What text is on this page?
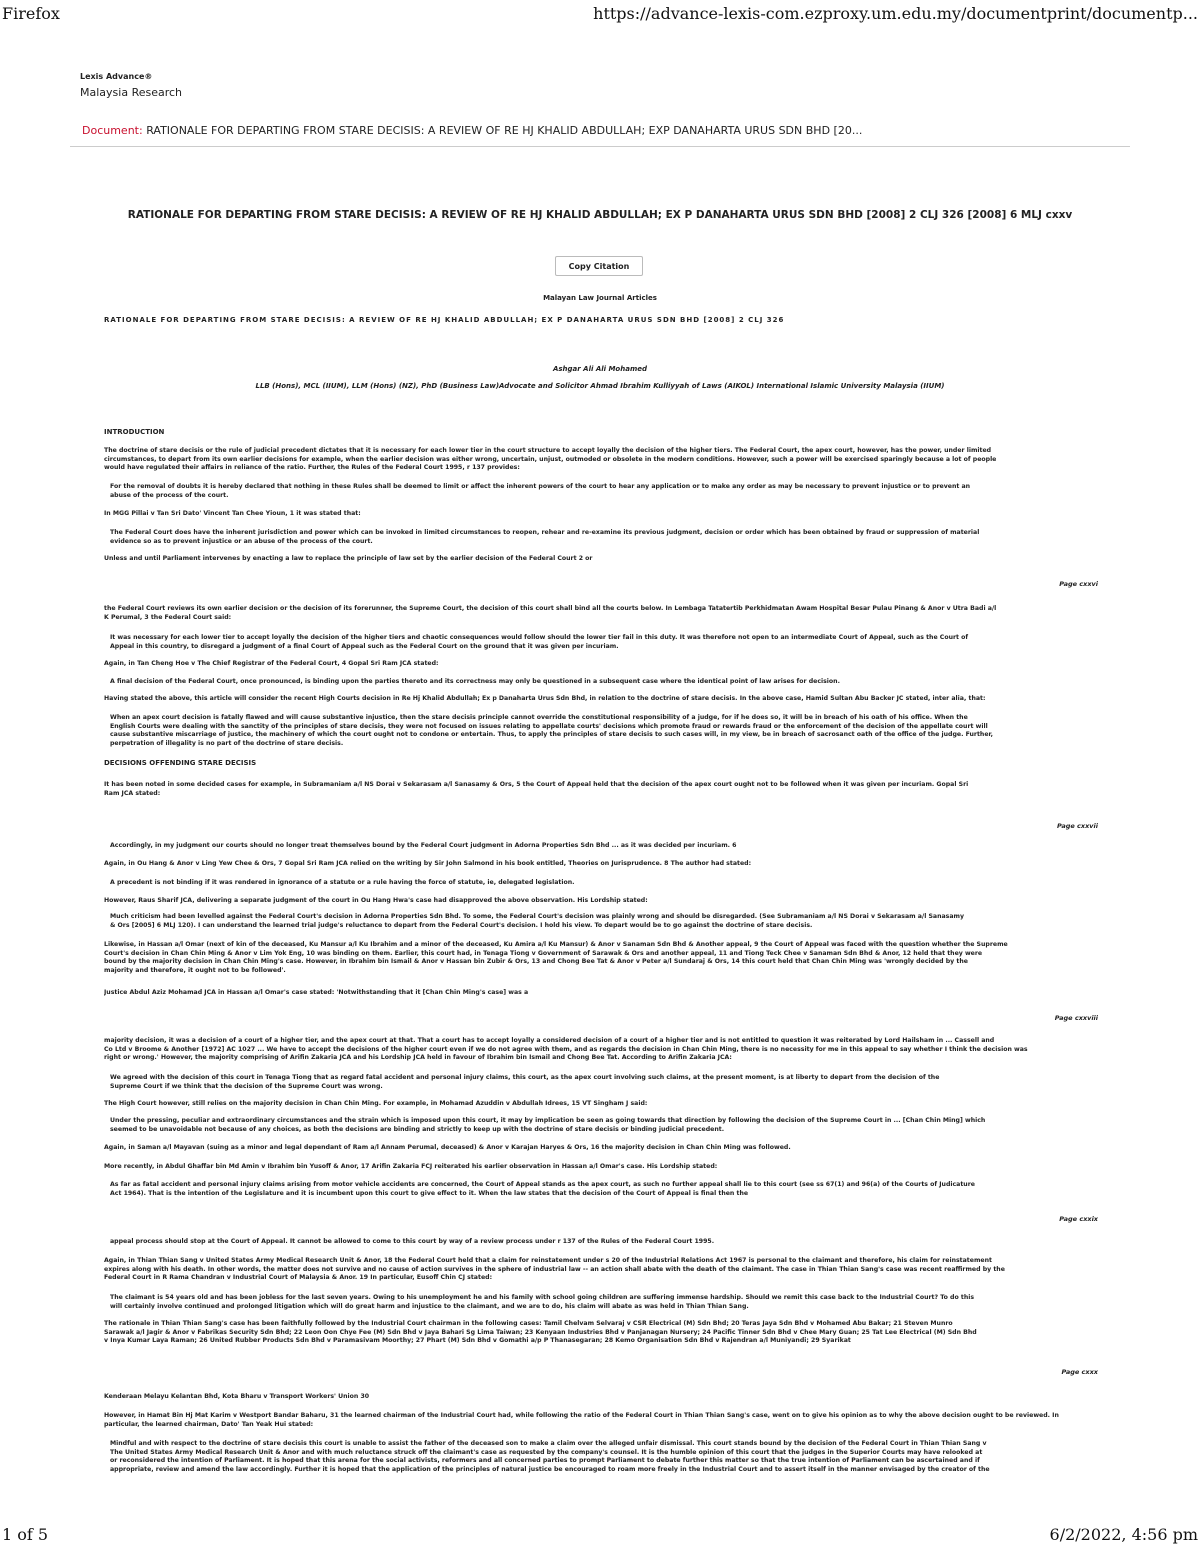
Firefox	https://advance-lexis-com.ezproxy.um.edu.my/documentprint/documentp...
Lexis Advance®
Malaysia Research
Document: RATIONALE FOR DEPARTING FROM STARE DECISIS: A REVIEW OF RE HJ KHALID ABDULLAH; EXP DANAHARTA URUS SDN BHD [20...
RATIONALE FOR DEPARTING FROM STARE DECISIS: A REVIEW OF RE HJ KHALID ABDULLAH; EX P DANAHARTA URUS SDN BHD [2008] 2 CLJ 326 [2008] 6 MLJ cxxv
Copy Citation
Malayan Law Journal Articles
RATIONALE FOR DEPARTING FROM STARE DECISIS: A REVIEW OF RE HJ KHALID ABDULLAH; EX P DANAHARTA URUS SDN BHD [2008] 2 CLJ 326
Ashgar Ali Ali Mohamed
LLB (Hons), MCL (IIUM), LLM (Hons) (NZ), PhD (Business Law)Advocate and Solicitor Ahmad Ibrahim Kulliyyah of Laws (AIKOL) International Islamic University Malaysia (IIUM)
INTRODUCTION
The doctrine of stare decisis or the rule of judicial precedent dictates that it is necessary for each lower tier in the court structure to accept loyally the decision of the higher tiers. The Federal Court, the apex court, however, has the power, under limited
circumstances, to depart from its own earlier decisions for example, when the earlier decision was either wrong, uncertain, unjust, outmoded or obsolete in the modern conditions. However, such a power will be exercised sparingly because a lot of people
would have regulated their affairs in reliance of the ratio. Further, the Rules of the Federal Court 1995, r 137 provides:
For the removal of doubts it is hereby declared that nothing in these Rules shall be deemed to limit or affect the inherent powers of the court to hear any application or to make any order as may be necessary to prevent injustice or to prevent an
abuse of the process of the court.
In MGG Pillai v Tan Sri Dato' Vincent Tan Chee Yioun, 1 it was stated that:
The Federal Court does have the inherent jurisdiction and power which can be invoked in limited circumstances to reopen, rehear and re-examine its previous judgment, decision or order which has been obtained by fraud or suppression of material
evidence so as to prevent injustice or an abuse of the process of the court.
Unless and until Parliament intervenes by enacting a law to replace the principle of law set by the earlier decision of the Federal Court 2 or
Page cxxvi
the Federal Court reviews its own earlier decision or the decision of its forerunner, the Supreme Court, the decision of this court shall bind all the courts below. In Lembaga Tatatertib Perkhidmatan Awam Hospital Besar Pulau Pinang & Anor v Utra Badi a/l
K Perumal, 3 the Federal Court said:
It was necessary for each lower tier to accept loyally the decision of the higher tiers and chaotic consequences would follow should the lower tier fail in this duty. It was therefore not open to an intermediate Court of Appeal, such as the Court of
Appeal in this country, to disregard a judgment of a final Court of Appeal such as the Federal Court on the ground that it was given per incuriam.
Again, in Tan Cheng Hoe v The Chief Registrar of the Federal Court, 4 Gopal Sri Ram JCA stated:
A final decision of the Federal Court, once pronounced, is binding upon the parties thereto and its correctness may only be questioned in a subsequent case where the identical point of law arises for decision.
Having stated the above, this article will consider the recent High Courts decision in Re Hj Khalid Abdullah; Ex p Danaharta Urus Sdn Bhd, in relation to the doctrine of stare decisis. In the above case, Hamid Sultan Abu Backer JC stated, inter alia, that:
When an apex court decision is fatally flawed and will cause substantive injustice, then the stare decisis principle cannot override the constitutional responsibility of a judge, for if he does so, it will be in breach of his oath of his office. When the
English Courts were dealing with the sanctity of the principles of stare decisis, they were not focused on issues relating to appellate courts' decisions which promote fraud or rewards fraud or the enforcement of the decision of the appellate court will
cause substantive miscarriage of justice, the machinery of which the court ought not to condone or entertain. Thus, to apply the principles of stare decisis to such cases will, in my view, be in breach of sacrosanct oath of the office of the judge. Further,
perpetration of illegality is no part of the doctrine of stare decisis.
DECISIONS OFFENDING STARE DECISIS
It has been noted in some decided cases for example, in Subramaniam a/l NS Dorai v Sekarasam a/l Sanasamy & Ors, 5 the Court of Appeal held that the decision of the apex court ought not to be followed when it was given per incuriam. Gopal Sri
Ram JCA stated:
Page cxxvii
Accordingly, in my judgment our courts should no longer treat themselves bound by the Federal Court judgment in Adorna Properties Sdn Bhd ... as it was decided per incuriam. 6
Again, in Ou Hang & Anor v Ling Yew Chee & Ors, 7 Gopal Sri Ram JCA relied on the writing by Sir John Salmond in his book entitled, Theories on Jurisprudence. 8 The author had stated:
A precedent is not binding if it was rendered in ignorance of a statute or a rule having the force of statute, ie, delegated legislation.
However, Raus Sharif JCA, delivering a separate judgment of the court in Ou Hang Hwa's case had disapproved the above observation. His Lordship stated:
Much criticism had been levelled against the Federal Court's decision in Adorna Properties Sdn Bhd. To some, the Federal Court's decision was plainly wrong and should be disregarded. (See Subramaniam a/l NS Dorai v Sekarasam a/l Sanasamy
& Ors [2005] 6 MLJ 120). I can understand the learned trial judge's reluctance to depart from the Federal Court's decision. I hold his view. To depart would be to go against the doctrine of stare decisis.
Likewise, in Hassan a/l Omar (next of kin of the deceased, Ku Mansur a/l Ku Ibrahim and a minor of the deceased, Ku Amira a/l Ku Mansur) & Anor v Sanaman Sdn Bhd & Another appeal, 9 the Court of Appeal was faced with the question whether the Supreme
Court's decision in Chan Chin Ming & Anor v Lim Yok Eng, 10 was binding on them. Earlier, this court had, in Tenaga Tiong v Government of Sarawak & Ors and another appeal, 11 and Tiong Teck Chee v Sanaman Sdn Bhd & Anor, 12 held that they were
bound by the majority decision in Chan Chin Ming's case. However, in Ibrahim bin Ismail & Anor v Hassan bin Zubir & Ors, 13 and Chong Bee Tat & Anor v Peter a/l Sundaraj & Ors, 14 this court held that Chan Chin Ming was 'wrongly decided by the
majority and therefore, it ought not to be followed'.
Justice Abdul Aziz Mohamad JCA in Hassan a/l Omar's case stated: 'Notwithstanding that it [Chan Chin Ming's case] was a
Page cxxviii
majority decision, it was a decision of a court of a higher tier, and the apex court at that. That a court has to accept loyally a considered decision of a court of a higher tier and is not entitled to question it was reiterated by Lord Hailsham in ... Cassell and
Co Ltd v Broome & Another [1972] AC 1027 ... We have to accept the decisions of the higher court even if we do not agree with them, and as regards the decision in Chan Chin Ming, there is no necessity for me in this appeal to say whether I think the decision was
right or wrong.' However, the majority comprising of Arifin Zakaria JCA and his Lordship JCA held in favour of Ibrahim bin Ismail and Chong Bee Tat. According to Arifin Zakaria JCA:
We agreed with the decision of this court in Tenaga Tiong that as regard fatal accident and personal injury claims, this court, as the apex court involving such claims, at the present moment, is at liberty to depart from the decision of the
Supreme Court if we think that the decision of the Supreme Court was wrong.
The High Court however, still relies on the majority decision in Chan Chin Ming. For example, in Mohamad Azuddin v Abdullah Idrees, 15 VT Singham J said:
Under the pressing, peculiar and extraordinary circumstances and the strain which is imposed upon this court, it may by implication be seen as going towards that direction by following the decision of the Supreme Court in ... [Chan Chin Ming] which
seemed to be unavoidable not because of any choices, as both the decisions are binding and strictly to keep up with the doctrine of stare decisis or binding judicial precedent.
Again, in Saman a/l Mayavan (suing as a minor and legal dependant of Ram a/l Annam Perumal, deceased) & Anor v Karajan Haryes & Ors, 16 the majority decision in Chan Chin Ming was followed.
More recently, in Abdul Ghaffar bin Md Amin v Ibrahim bin Yusoff & Anor, 17 Arifin Zakaria FCJ reiterated his earlier observation in Hassan a/l Omar's case. His Lordship stated:
As far as fatal accident and personal injury claims arising from motor vehicle accidents are concerned, the Court of Appeal stands as the apex court, as such no further appeal shall lie to this court (see ss 67(1) and 96(a) of the Courts of Judicature
Act 1964). That is the intention of the Legislature and it is incumbent upon this court to give effect to it. When the law states that the decision of the Court of Appeal is final then the
Page cxxix
appeal process should stop at the Court of Appeal. It cannot be allowed to come to this court by way of a review process under r 137 of the Rules of the Federal Court 1995.
Again, in Thian Thian Sang v United States Army Medical Research Unit & Anor, 18 the Federal Court held that a claim for reinstatement under s 20 of the Industrial Relations Act 1967 is personal to the claimant and therefore, his claim for reinstatement
expires along with his death. In other words, the matter does not survive and no cause of action survives in the sphere of industrial law -- an action shall abate with the death of the claimant. The case in Thian Thian Sang's case was recent reaffirmed by the
Federal Court in R Rama Chandran v Industrial Court of Malaysia & Anor. 19 In particular, Eusoff Chin CJ stated:
The claimant is 54 years old and has been jobless for the last seven years. Owing to his unemployment he and his family with school going children are suffering immense hardship. Should we remit this case back to the Industrial Court? To do this
will certainly involve continued and prolonged litigation which will do great harm and injustice to the claimant, and we are to do, his claim will abate as was held in Thian Thian Sang.
The rationale in Thian Thian Sang's case has been faithfully followed by the Industrial Court chairman in the following cases: Tamil Chelvam Selvaraj v CSR Electrical (M) Sdn Bhd; 20 Teras Jaya Sdn Bhd v Mohamed Abu Bakar; 21 Steven Munro
Sarawak a/l Jagir & Anor v Fabrikas Security Sdn Bhd; 22 Leon Oon Chye Fee (M) Sdn Bhd v Jaya Bahari Sg Lima Taiwan; 23 Kenyaan Industries Bhd v Panjanagan Nursery; 24 Pacific Tinner Sdn Bhd v Chee Mary Guan; 25 Tat Lee Electrical (M) Sdn Bhd
v Inya Kumar Laya Raman; 26 United Rubber Products Sdn Bhd v Paramasivam Moorthy; 27 Phart (M) Sdn Bhd v Gomathi a/p P Thanasegaran; 28 Kemo Organisation Sdn Bhd v Rajendran a/l Muniyandi; 29 Syarikat
Page cxxx
Kenderaan Melayu Kelantan Bhd, Kota Bharu v Transport Workers' Union 30
However, in Hamat Bin Hj Mat Karim v Westport Bandar Baharu, 31 the learned chairman of the Industrial Court had, while following the ratio of the Federal Court in Thian Thian Sang's case, went on to give his opinion as to why the above decision ought to be reviewed. In
particular, the learned chairman, Dato' Tan Yeak Hui stated:
Mindful and with respect to the doctrine of stare decisis this court is unable to assist the father of the deceased son to make a claim over the alleged unfair dismissal. This court stands bound by the decision of the Federal Court in Thian Thian Sang v
The United States Army Medical Research Unit & Anor and with much reluctance struck off the claimant's case as requested by the company's counsel. It is the humble opinion of this court that the judges in the Superior Courts may have relooked at
or reconsidered the intention of Parliament. It is hoped that this arena for the social activists, reformers and all concerned parties to prompt Parliament to debate further this matter so that the true intention of Parliament can be ascertained and if
appropriate, review and amend the law accordingly. Further it is hoped that the application of the principles of natural justice be encouraged to roam more freely in the Industrial Court and to assert itself in the manner envisaged by the creator of the
1 of 5	6/2/2022, 4:56 pm
